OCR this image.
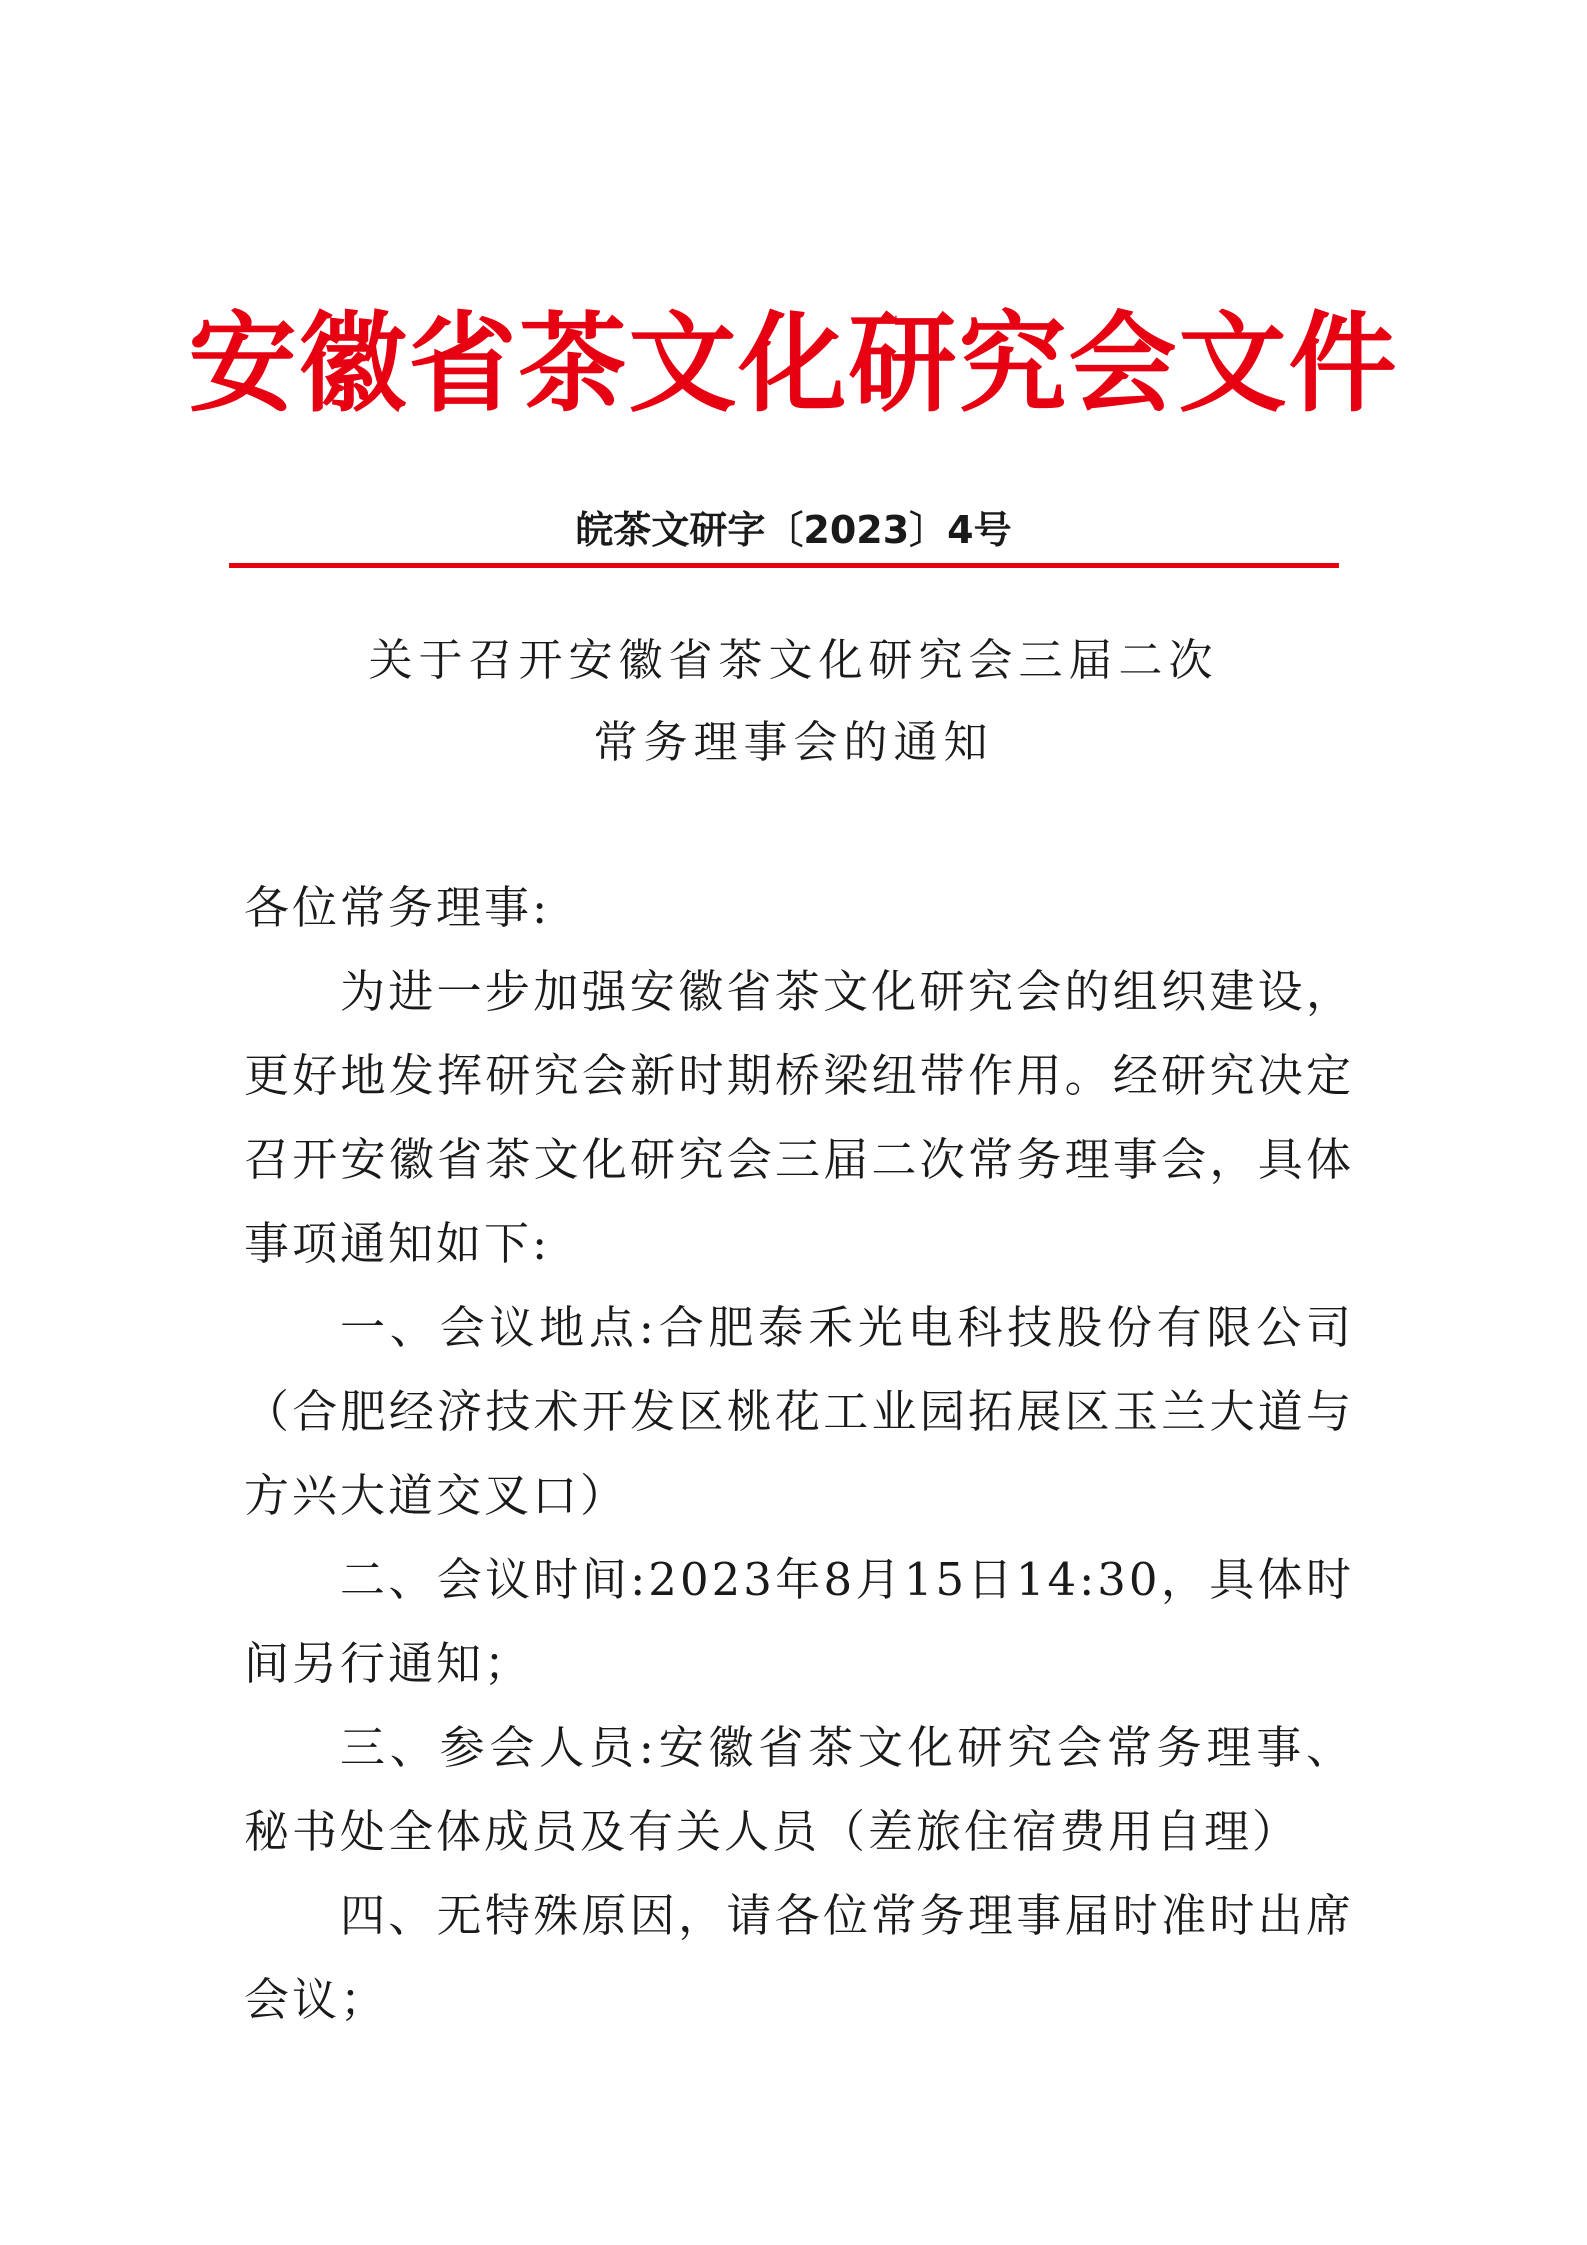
安徽省茶文化研究会文件
皖茶文研字〔2023〕4号
关于召开安徽省茶文化研究会三届二次
常务理事会的通知

各位常务理事:

为进一步加强安徽省茶文化研究会的组织建设，更好地发挥研究会新时期桥梁纽带作用。经研究决定召开安徽省茶文化研究会三届二次常务理事会，具体事项通知如下:

一、会议地点:合肥泰禾光电科技股份有限公司（合肥经济技术开发区桃花工业园拓展区玉兰大道与方兴大道交叉口）

二、会议时间:2023年8月15日14:30，具体时间另行通知；

三、参会人员:安徽省茶文化研究会常务理事、秘书处全体成员及有关人员（差旅住宿费用自理）

四、无特殊原因，请各位常务理事届时准时出席会议；
